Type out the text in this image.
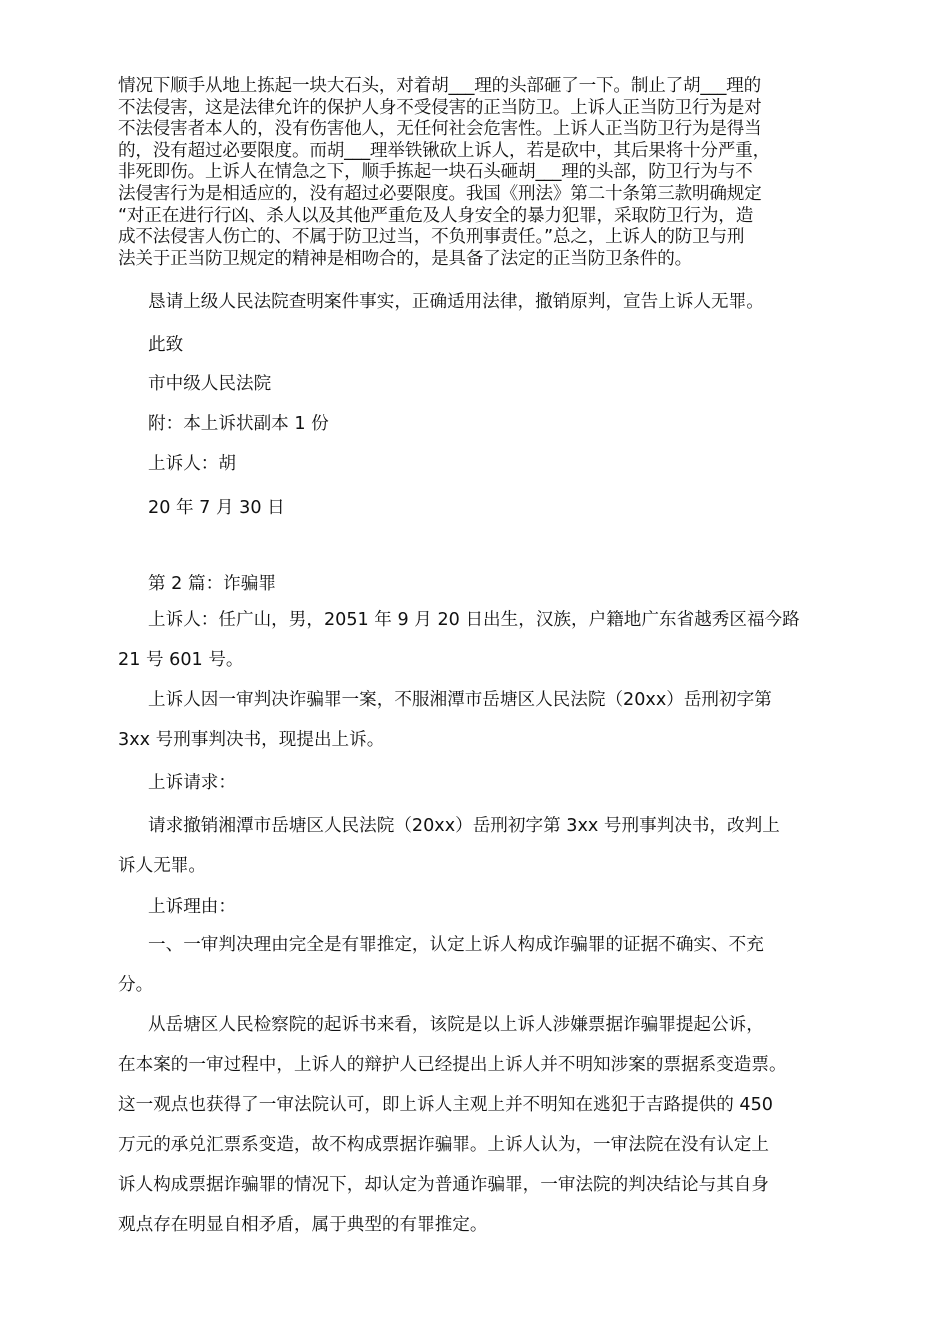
情况下顺手从地上拣起一块大石头，对着胡___理的头部砸了一下。制止了胡___理的
不法侵害，这是法律允许的保护人身不受侵害的正当防卫。上诉人正当防卫行为是对
不法侵害者本人的，没有伤害他人，无任何社会危害性。上诉人正当防卫行为是得当
的，没有超过必要限度。而胡___理举铁锹砍上诉人，若是砍中，其后果将十分严重，
非死即伤。上诉人在情急之下，顺手拣起一块石头砸胡___理的头部，防卫行为与不
法侵害行为是相适应的，没有超过必要限度。我国《刑法》第二十条第三款明确规定
“对正在进行行凶、杀人以及其他严重危及人身安全的暴力犯罪，采取防卫行为，造
成不法侵害人伤亡的、不属于防卫过当，不负刑事责任。”总之，上诉人的防卫与刑
法关于正当防卫规定的精神是相吻合的，是具备了法定的正当防卫条件的。
恳请上级人民法院查明案件事实，正确适用法律，撤销原判，宣告上诉人无罪。
此致
市中级人民法院
附：本上诉状副本 1 份
上诉人：胡
20 年 7 月 30 日
第 2 篇：诈骗罪
上诉人：任广山，男，2051 年 9 月 20 日出生，汉族，户籍地广东省越秀区福今路
21 号 601 号。
上诉人因一审判决诈骗罪一案，不服湘潭市岳塘区人民法院（20xx）岳刑初字第
3xx 号刑事判决书，现提出上诉。
上诉请求：
请求撤销湘潭市岳塘区人民法院（20xx）岳刑初字第 3xx 号刑事判决书，改判上
诉人无罪。
上诉理由：
一、一审判决理由完全是有罪推定，认定上诉人构成诈骗罪的证据不确实、不充
分。
从岳塘区人民检察院的起诉书来看，该院是以上诉人涉嫌票据诈骗罪提起公诉，
在本案的一审过程中，上诉人的辩护人已经提出上诉人并不明知涉案的票据系变造票。
这一观点也获得了一审法院认可，即上诉人主观上并不明知在逃犯于吉路提供的 450
万元的承兑汇票系变造，故不构成票据诈骗罪。上诉人认为，一审法院在没有认定上
诉人构成票据诈骗罪的情况下，却认定为普通诈骗罪，一审法院的判决结论与其自身
观点存在明显自相矛盾，属于典型的有罪推定。
